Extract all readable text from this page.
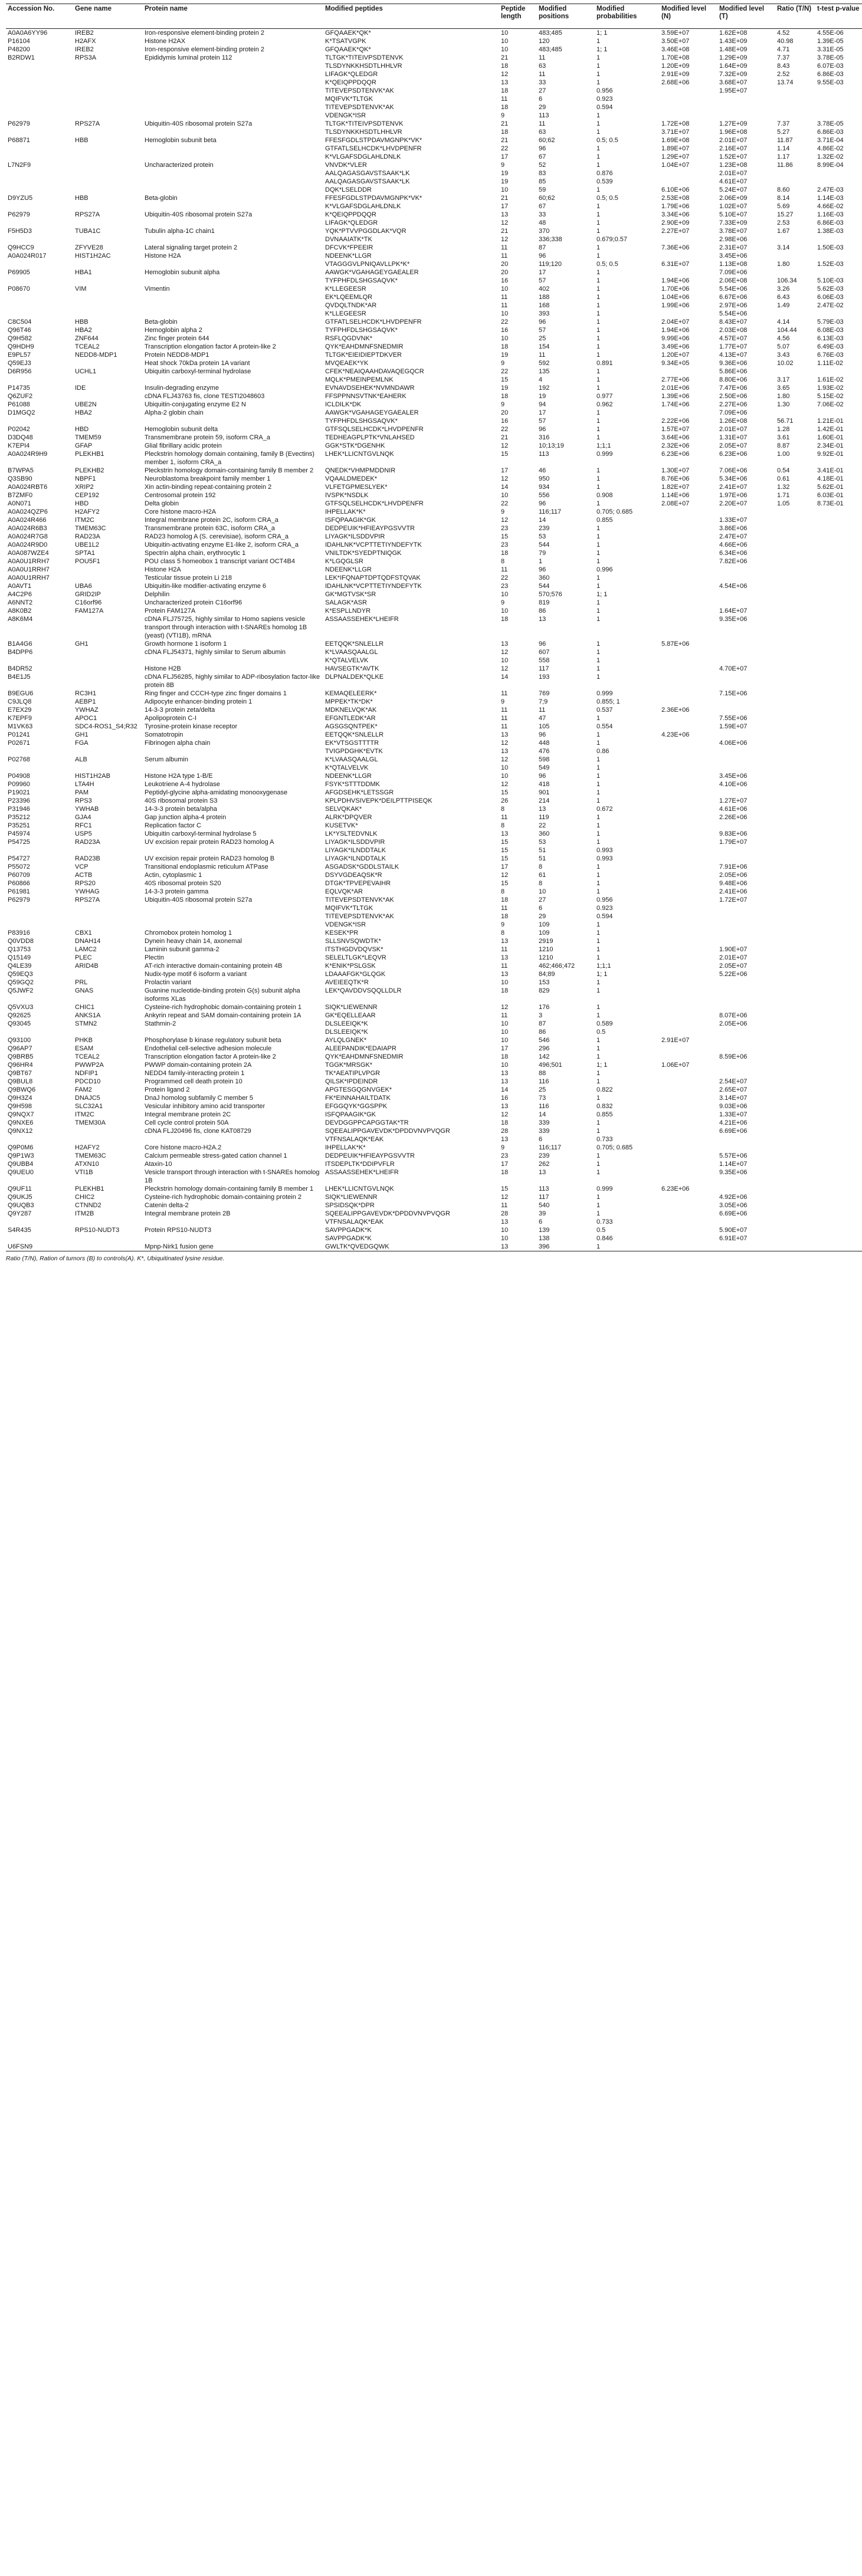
Accession No.	Gene name	Protein name	Modified peptides	Peptide length	Modified positions	Modified probabilities	Modified level (N)	Modified level (T)	Ratio (T/N)	t-test p-value
A0A0A6YY96	IREB2	Iron-responsive element-binding protein 2	GFQAAEK*QK*	10	483;485	1; 1	3.59E+07	1.62E+08	4.52	4.55E-06
P16104	H2AFX	Histone H2AX	K*TSATVGPK	10	120	1	3.50E+07	1.43E+09	40.98	1.39E-05
P48200	IREB2	Iron-responsive element-binding protein 2	GFQAAEK*QK*	10	483;485	1; 1	3.46E+08	1.48E+09	4.71	3.31E-05
B2RDW1	RPS3A	Epididymis luminal protein 112	TLTGK*TITEIVPSDTENVK	21	11	1	1.70E+08	1.29E+09	7.37	3.78E-05
			TLSDYNKKHSDTLHHLVR	18	63	1	1.20E+09	1.64E+09	8.43	6.07E-03
			LIFAGK*QLEDGR	12	11	1	2.91E+09	7.32E+09	2.52	6.86E-03
			K*QEIQPPDQQR	13	33	1	2.68E+06	3.68E+07	13.74	9.55E-03
			TITEVEPSDTENVK*AK	18	27	0.956		1.95E+07		
			MQIFVK*TLTGK	11	6	0.923				
			TITEVEPSDTENVK*AK	18	29	0.594				
			VDENGK*ISR	9	113	1				
P62979	RPS27A	Ubiquitin-40S ribosomal protein S27a	TLTGK*TITEIVPSDTENVK	21	11	1	1.72E+08	1.27E+09	7.37	3.78E-05
			TLSDYNKKHSDTLHHLVR	18	63	1	3.71E+07	1.96E+08	5.27	6.86E-03
P68871	HBB	Hemoglobin subunit beta	FFESFGDLSTPDAVMGNPK*VK*	21	60;62	0.5; 0.5	1.69E+08	2.01E+07	11.87	3.71E-04
			GTFATLSELHCDK*LHVDPENFR	22	96	1	1.89E+07	2.16E+07	1.14	4.86E-02
			K*VLGAFSDGLAHLDNLK	17	67	1	1.29E+07	1.52E+07	1.17	1.32E-02
L7N2F9		Uncharacterized protein	VNVDK*VLER	9	52	1	1.04E+07	1.23E+08	11.86	8.99E-04
			AALQAGASGAVSTSAAK*LK	19	83	0.876		2.01E+07		
			AALQAGASGAVSTSAAK*LK	19	85	0.539		4.61E+07		
			DQK*LSELDDR	10	59	1	6.10E+06	5.24E+07	8.60	2.47E-03
D9YZU5	HBB	Beta-globin	FFESFGDLSTPDAVMGNPK*VK*	21	60;62	0.5; 0.5	2.53E+08	2.06E+09	8.14	1.14E-03
			K*VLGAFSDGLAHLDNLK	17	67	1	1.79E+06	1.02E+07	5.69	4.66E-02
P62979	RPS27A	Ubiquitin-40S ribosomal protein S27a	K*QEIQPPDQQR	13	33	1	3.34E+06	5.10E+07	15.27	1.16E-03
			LIFAGK*QLEDGR	12	48	1	2.90E+09	7.33E+09	2.53	6.86E-03
F5H5D3	TUBA1C	Tubulin alpha-1C chain1	YQK*PTVVPGGDLAK*VQR	21	370	1	2.27E+07	3.78E+07	1.67	1.38E-03
			DVNAAIATK*TK	12	336;338	0.679;0.57		2.98E+06		
Q9HCC9	ZFYVE28	Lateral signaling target protein 2	DFCVK*FPEEIR	11	87	1	7.36E+06	2.31E+07	3.14	1.50E-03
A0A024R017	HIST1H2AC	Histone H2A	NDEENK*LLGR	11	96	1		3.45E+06		
			VTAGGGVLPNIQAVLLPK*K*	20	119;120	0.5; 0.5	6.31E+07	1.13E+08	1.80	1.52E-03
P69905	HBA1	Hemoglobin subunit alpha	AAWGK*VGAHAGEYGAEALER	20	17	1		7.09E+06		
			TYFPHFDLSHGSAQVK*	16	57	1	1.94E+06	2.06E+08	106.34	5.10E-03
P08670	VIM	Vimentin	K*LLEGEESR	10	402	1	1.70E+06	5.54E+06	3.26	5.62E-03
			EK*LQEEMLQR	11	188	1	1.04E+06	6.67E+06	6.43	6.06E-03
			QVDQLTNDK*AR	11	168	1	1.99E+06	2.97E+06	1.49	2.47E-02
			K*LLEGEESR	10	393	1		5.54E+06		
C8C504	HBB	Beta-globin	GTFATLSELHCDK*LHVDPENFR	22	96	1	2.04E+07	8.43E+07	4.14	5.79E-03
Q96T46	HBA2	Hemoglobin alpha 2	TYFPHFDLSHGSAQVK*	16	57	1	1.94E+06	2.03E+08	104.44	6.08E-03
Q9H582	ZNF644	Zinc finger protein 644	RSFLQGDVNK*	10	25	1	9.99E+06	4.57E+07	4.56	6.13E-03
Q9HDH9	TCEAL2	Transcription elongation factor A protein-like 2	QYK*EAHDMNFSNEDMIR	18	154	1	3.49E+06	1.77E+07	5.07	6.49E-03
E9PL57	NEDD8-MDP1	Protein NEDD8-MDP1	TLTGK*EIEIDIEPTDKVER	19	11	1	1.20E+07	4.13E+07	3.43	6.76E-03
Q59EJ3		Heat shock 70kDa protein 1A variant	MVQEAEK*YK	9	592	0.891	9.34E+05	9.36E+06	10.02	1.11E-02
D6R956	UCHL1	Ubiquitin carboxyl-terminal hydrolase	CFEK*NEAIQAAHDAVAQEGQCR	22	135	1		5.86E+06		
			MQLK*PMEINPEMLNK	15	4	1	2.77E+06	8.80E+06	3.17	1.61E-02
P14735	IDE	Insulin-degrading enzyme	EVNAVDSEHEK*NVMNDAWR	19	192	1	2.01E+06	7.47E+06	3.65	1.93E-02
Q6ZUF2		cDNA FLJ43763 fis, clone TESTI2048603	FFSPPNNSVTNK*EAHERK	18	19	0.977	1.39E+06	2.50E+06	1.80	5.15E-02
P61088	UBE2N	Ubiquitin-conjugating enzyme E2 N	ICLDILK*DK	9	94	0.962	1.74E+06	2.27E+06	1.30	7.06E-02
D1MGQ2	HBA2	Alpha-2 globin chain	AAWGK*VGAHAGEYGAEALER	20	17	1		7.09E+06		
			TYFPHFDLSHGSAQVK*	16	57	1	2.22E+06	1.26E+08	56.71	1.21E-01
P02042	HBD	Hemoglobin subunit delta	GTFSQLSELHCDK*LHVDPENFR	22	96	1	1.57E+07	2.01E+07	1.28	1.42E-01
D3DQ48	TMEM59	Transmembrane protein 59, isoform CRA_a	TEDHEAGPLPTK*VNLAHSED	21	316	1	3.64E+06	1.31E+07	3.61	1.60E-01
K7EPI4	GFAP	Glial fibrillary acidic protein	GGK*STK*DGENHK	12	10;13;19	1;1;1	2.32E+06	2.05E+07	8.87	2.34E-01
A0A024R9H9	PLEKHB1	Pleckstrin homology domain containing, family B (Evectins) member 1, isoform CRA_a	LHEK*LLICNTGVLNQK	15	113	0.999	6.23E+06	6.23E+06	1.00	9.92E-01
B7WPA5	PLEKHB2	Pleckstrin homology domain-containing family B member 2	QNEDK*VHMPMDDNIR	17	46	1	1.30E+07	7.06E+06	0.54	3.41E-01
Q3SB90	NBPF1	Neuroblastoma breakpoint family member 1	VQAALDMEDEK*	12	950	1	8.76E+06	5.34E+06	0.61	4.18E-01
A0A024RBT6	XRIP2	Xin actin-binding repeat-containing protein 2	VLFETGPMESLYEK*	14	934	1	1.82E+07	2.41E+07	1.32	5.62E-01
B7ZMF0	CEP192	Centrosomal protein 192	IVSPK*NSDLK	10	556	0.908	1.14E+06	1.97E+06	1.71	6.03E-01
A0N071	HBD	Delta globin	GTFSQLSELHCDK*LHVDPENFR	22	96	1	2.08E+07	2.20E+07	1.05	8.73E-01
A0A024QZP6	H2AFY2	Core histone macro-H2A	IHPELLAK*K*	9	116;117	0.705; 0.685				
A0A024R466	ITM2C	Integral membrane protein 2C, isoform CRA_a	ISFQPAAGIK*GK	12	14	0.855		1.33E+07		
A0A024R6B3	TMEM63C	Transmembrane protein 63C, isoform CRA_a	DEDPEUIK*HFIEAYPGSVVTR	23	239	1		3.86E+06		
A0A024R7G8	RAD23A	RAD23 homolog A (S. cerevisiae), isoform CRA_a	LIYAGK*ILSDDVPIR	15	53	1		2.47E+07		
A0A024R9D0	UBE1L2	Ubiquitin-activating enzyme E1-like 2, isoform CRA_a	IDAHLNK*VCPTTETIYNDEFYTK	23	544	1		4.66E+06		
A0A087WZE4	SPTA1	Spectrin alpha chain, erythrocytic 1	VNILTDK*SYEDPTNIQGK	18	79	1		6.34E+06		
A0A0U1RRH7	POU5F1	POU class 5 homeobox 1 transcript variant OCT4B4	K*LGQGLSR	8	1	1		7.82E+06		
A0A0U1RRH7		Histone H2A	NDEENK*LLGR	11	96	0.996				
A0A0U1RRH7		Testicular tissue protein Li 218	LEK*IFQNAPTDPTQDFSTQVAK	22	360	1				
A0AVT1	UBA6	Ubiquitin-like modifier-activating enzyme 6	IDAHLNK*VCPTTETIYNDEFYTK	23	544	1		4.54E+06		
A4C2P6	GRID2IP	Delphilin	GK*MGTVSK*SR	10	570;576	1; 1				
A6NNT2	C16orf96	Uncharacterized protein C16orf96	SALAGK*ASR	9	819	1				
A8K0B2	FAM127A	Protein FAM127A	K*ESPLLNDYR	10	86	1		1.64E+07		
A8K6M4		cDNA FLJ75725, highly similar to Homo sapiens vesicle transport through interaction with t-SNAREs homolog 1B (yeast) (VTI1B), mRNA	ASSAASSEHEK*LHEIFR	18	13	1		9.35E+06		
B1A4G6	GH1	Growth hormone 1 isoform 1	EETQQK*SNLELLR	13	96	1	5.87E+06			
B4DPP6		cDNA FLJ54371, highly similar to Serum albumin	K*LVAASQAALGL	12	607	1				
			K*QTALVELVK	10	558	1				
B4DR52		Histone H2B	HAVSEGTK*AVTK	12	117	1		4.70E+07		
B4E1J5		cDNA FLJ56285, highly similar to ADP-ribosylation factor-like protein 8B	DLPNALDEK*QLKE	14	193	1				
B9EGU6	RC3H1	Ring finger and CCCH-type zinc finger domains 1	KEMAQELEERK*	11	769	0.999		7.15E+06		
C9JLQ8	AEBP1	Adipocyte enhancer-binding protein 1	MPPEK*TK*DK*	9	7;9	0.855; 1				
E7EX29	YWHAZ	14-3-3 protein zeta/delta	MDKNELVQK*AK	11	11	0.537	2.36E+06			
K7EPF9	APOC1	Apolipoprotein C-I	EFGNTLEDK*AR	11	47	1		7.55E+06		
M1VK63	SDC4-ROS1_S4;R32	Tyrosine-protein kinase receptor	AGSGSQNTPEK*	11	105	0.554		1.59E+07		
P01241	GH1	Somatotropin	EETQQK*SNLELLR	13	96	1	4.23E+06			
P02671	FGA	Fibrinogen alpha chain	EK*VTSGSTTTTR	12	448	1		4.06E+06		
			TVIGPDGHK*EVTK	13	476	0.86				
P02768	ALB	Serum albumin	K*LVAASQAALGL	12	598	1				
			K*QTALVELVK	10	549	1				
P04908	HIST1H2AB	Histone H2A type 1-B/E	NDEENK*LLGR	10	96	1		3.45E+06		
P09960	LTA4H	Leukotriene A-4 hydrolase	FSYK*STTTDDMK	12	418	1		4.10E+06		
P19021	PAM	Peptidyl-glycine alpha-amidating monooxygenase	AFGDSEHK*LETSSGR	15	901	1				
P23396	RPS3	40S ribosomal protein S3	KPLPDHVSIVEPK*DEILPTTPISEQK	26	214	1		1.27E+07		
P31946	YWHAB	14-3-3 protein beta/alpha	SELVQKAK*	8	13	0.672		4.61E+06		
P35212	GJA4	Gap junction alpha-4 protein	ALRK*DPQVER	11	119	1		2.26E+06		
P35251	RFC1	Replication factor C	KUSETVK*	8	22	1				
P45974	USP5	Ubiquitin carboxyl-terminal hydrolase 5	LK*YSLTEDVNLK	13	360	1		9.83E+06		
P54725	RAD23A	UV excision repair protein RAD23 homolog A	LIYAGK*ILSDDVPIR	15	53	1		1.79E+07		
			LIYAGK*ILNDDTALK	15	51	0.993				
P54727	RAD23B	UV excision repair protein RAD23 homolog B	LIYAGK*ILNDDTALK	15	51	0.993				
P55072	VCP	Transitional endoplasmic reticulum ATPase	ASGADSK*GDDLSTAILK	17	8	1		7.91E+06		
P60709	ACTB	Actin, cytoplasmic 1	DSYVGDEAQSK*R	12	61	1		2.05E+06		
P60866	RPS20	40S ribosomal protein S20	DTGK*TPVEPEVAIHR	15	8	1		9.48E+06		
P61981	YWHAG	14-3-3 protein gamma	EQLVQK*AR	8	10	1		2.41E+06		
P62979	RPS27A	Ubiquitin-40S ribosomal protein S27a	TITEVEPSDTENVK*AK	18	27	0.956		1.72E+07		
			MQIFVK*TLTGK	11	6	0.923				
			TITEVEPSDTENVK*AK	18	29	0.594				
			VDENGK*ISR	9	109	1				
P83916	CBX1	Chromobox protein homolog 1	KESEK*PR	8	109	1				
Q0VDD8	DNAH14	Dynein heavy chain 14, axonemal	SLLSNVSQWDTK*	13	2919	1				
Q13753	LAMC2	Laminin subunit gamma-2	ITSTHGDVDQVSK*	11	1210	1		1.90E+07		
Q15149	PLEC	Plectin	SELELTLGK*LEQVR	13	1210	1		2.01E+07		
Q4LE39	ARID4B	AT-rich interactive domain-containing protein 4B	K*ENIK*PSLGSK	11	462;466;472	1;1;1		2.05E+07		
Q59EQ3		Nudix-type motif 6 isoform a variant	LDAAAFGK*GLQGK	13	84;89	1; 1		5.22E+06		
Q59GQ2	PRL	Prolactin variant	AVEIEEQTK*R	10	153	1				
Q5JWF2	GNAS	Guanine nucleotide-binding protein G(s) subunit alpha isoforms XLas	LEK*QAVDDVSQQLLDLR	18	829	1				
Q5VXU3	CHIC1	Cysteine-rich hydrophobic domain-containing protein 1	SIQK*LIEWENNR	12	176	1				
Q92625	ANKS1A	Ankyrin repeat and SAM domain-containing protein 1A	GK*EQELLEAAR	11	3	1		8.07E+06		
Q93045	STMN2	Stathmin-2	DLSLEEIQK*K	10	87	0.589		2.05E+06		
			DLSLEEIQK*K	10	86	0.5				
Q93100	PHKB	Phosphorylase b kinase regulatory subunit beta	AYLQLGNEK*	10	546	1	2.91E+07			
Q96AP7	ESAM	Endothelial cell-selective adhesion molecule	ALEEPANDIK*EDAIAPR	17	296	1				
Q9BRB5	TCEAL2	Transcription elongation factor A protein-like 2	QYK*EAHDMNFSNEDMIR	18	142	1		8.59E+06		
Q96HR4	PWWP2A	PWWP domain-containing protein 2A	TGGK*MRSGK*	10	496;501	1; 1	1.06E+07			
Q9BT67	NDFIP1	NEDD4 family-interacting protein 1	TK*AEATIPLVPGR	13	88	1				
Q9BUL8	PDCD10	Programmed cell death protein 10	QILSK*IPDEINDR	13	116	1		2.54E+07		
Q9BWQ6	FAM2	Protein ligand 2	APGTESGQGNVGEK*	14	25	0.822		2.65E+07		
Q9H3Z4	DNAJC5	DnaJ homolog subfamily C member 5	FK*EINNAHAILTDATK	16	73	1		3.14E+07		
Q9H598	SLC32A1	Vesicular inhibitory amino acid transporter	EFGGQYK*GGSPPK	13	116	0.832		9.03E+06		
Q9NQX7	ITM2C	Integral membrane protein 2C	ISFQPAAGIK*GK	12	14	0.855		1.33E+07		
Q9NXE6	TMEM30A	Cell cycle control protein 50A	DEVDGGPPCAPGGTAK*TR	18	339	1		4.21E+06		
Q9NX12		cDNA FLJ20496 fis, clone KAT08729	SQEEALIPPGAVEVDK*DPDDVNVPVQGR	28	339	1		6.69E+06		
			VTFNSALAQK*EAK	13	6	0.733				
Q9P0M6	H2AFY2	Core histone macro-H2A.2	IHPELLAK*K*	9	116;117	0.705; 0.685				
Q9P1W3	TMEM63C	Calcium permeable stress-gated cation channel 1	DEDPEUIK*HFIEAYPGSVVTR	23	239	1		5.57E+06		
Q9UBB4	ATXN10	Ataxin-10	ITSDEPLTK*DDIPVFLR	17	262	1		1.14E+07		
Q9UEU0	VTI1B	Vesicle transport through interaction with t-SNAREs homolog 1B	ASSAASSEHEK*LHEIFR	18	13	1		9.35E+06		
Q9UF11	PLEKHB1	Pleckstrin homology domain-containing family B member 1	LHEK*LLICNTGVLNQK	15	113	0.999	6.23E+06			
Q9UKJ5	CHIC2	Cysteine-rich hydrophobic domain-containing protein 2	SIQK*LIEWENNR	12	117	1		4.92E+06		
Q9UQB3	CTNND2	Catenin delta-2	SPSIDSQK*DPR	11	540	1		3.05E+06		
Q9Y287	ITM2B	Integral membrane protein 2B	SQEEALIPPGAVEVDK*DPDDVNVPVQGR	28	39	1		6.69E+06		
			VTFNSALAQK*EAK	13	6	0.733				
S4R435	RPS10-NUDT3	Protein RPS10-NUDT3	SAVPPGADK*K	10	139	0.5		5.90E+07		
			SAVPPGADK*K	10	138	0.846		6.91E+07		
U6FSN9		Mpnp-Nirk1 fusion gene	GWLTK*QVEDGQWK	13	396	1				
Ratio (T/N), Ration of tumors (B) to controls(A). K*, Ubiquitinated lysine residue.
